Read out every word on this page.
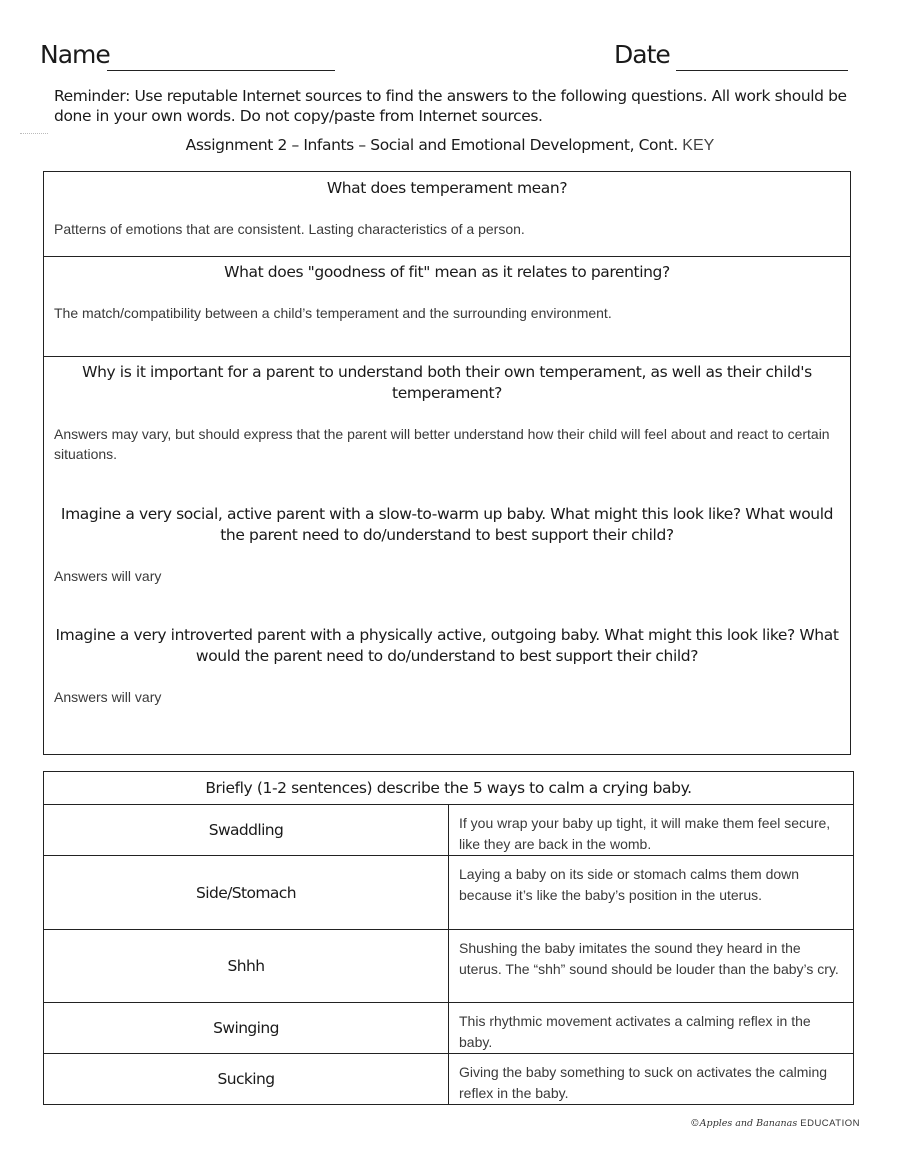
Name	Date
Reminder: Use reputable Internet sources to find the answers to the following questions. All work should be done in your own words. Do not copy/paste from Internet sources.
Assignment 2 – Infants – Social and Emotional Development, Cont. KEY
What does temperament mean?
Patterns of emotions that are consistent. Lasting characteristics of a person.
What does "goodness of fit" mean as it relates to parenting?
The match/compatibility between a child’s temperament and the surrounding environment.
Why is it important for a parent to understand both their own temperament, as well as their child's temperament?
Answers may vary, but should express that the parent will better understand how their child will feel about and react to certain situations.
Imagine a very social, active parent with a slow-to-warm up baby. What might this look like? What would the parent need to do/understand to best support their child?
Answers will vary
Imagine a very introverted parent with a physically active, outgoing baby. What might this look like? What would the parent need to do/understand to best support their child?
Answers will vary
Briefly (1-2 sentences) describe the 5 ways to calm a crying baby.	
Swaddling	If you wrap your baby up tight, it will make them feel secure, like they are back in the womb.
Side/Stomach	Laying a baby on its side or stomach calms them down because it’s like the baby’s position in the uterus.
Shhh	Shushing the baby imitates the sound they heard in the uterus. The “shh” sound should be louder than the baby’s cry.
Swinging	This rhythmic movement activates a calming reflex in the baby.
Sucking	Giving the baby something to suck on activates the calming reflex in the baby.
©Apples and Bananas EDUCATION
